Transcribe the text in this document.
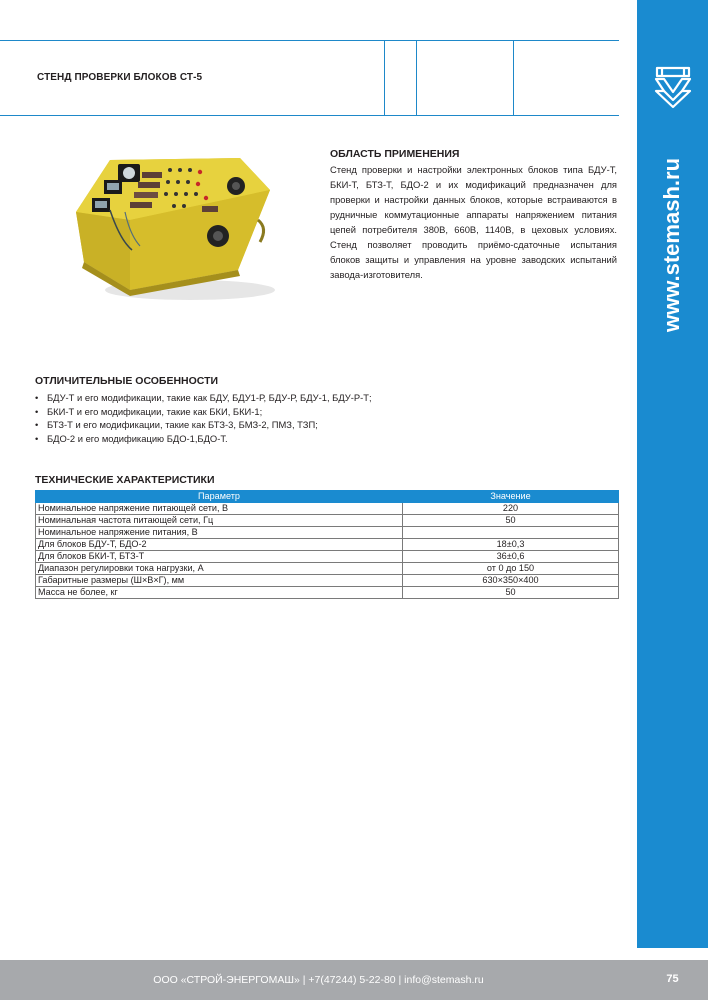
СТЕНД ПРОВЕРКИ БЛОКОВ СТ-5
www.stemash.ru
ОБЛАСТЬ ПРИМЕНЕНИЯ

Стенд проверки и настройки электронных блоков типа БДУ-Т, БКИ-Т, БТЗ-Т, БДО-2 и их модификаций предназначен для проверки и настройки данных блоков, которые встраиваются в рудничные коммутационные аппараты напряжением питания цепей потребителя 380В, 660В, 1140В, в цеховых условиях. Стенд позволяет проводить приёмо-сдаточные испытания блоков защиты и управления на уровне заводских испытаний завода-изготовителя.

ОТЛИЧИТЕЛЬНЫЕ ОСОБЕННОСТИ
• БДУ-Т и его модификации, такие как БДУ, БДУ1-Р, БДУ-Р, БДУ-1, БДУ-Р-Т;
• БКИ-Т и его модификации, такие как БКИ, БКИ-1;
• БТЗ-Т и его модификации, такие как БТЗ-3, БМЗ-2, ПМЗ, ТЗП;
• БДО-2 и его модификацию БДО-1,БДО-Т.
ТЕХНИЧЕСКИЕ ХАРАКТЕРИСТИКИ
Параметр	Значение
Номинальное напряжение питающей сети, В	220
Номинальная частота питающей сети, Гц	50
Номинальное напряжение питания, В	
Для блоков БДУ-Т, БДО-2	18±0,3
Для блоков БКИ-Т, БТЗ-Т	36±0,6
Диапазон регулировки тока нагрузки, А	от 0 до 150
Габаритные размеры (Ш×В×Г), мм	630×350×400
Масса не более, кг	50
ООО «СТРОЙ-ЭНЕРГОМАШ» | +7(47244) 5-22-80 | info@stemash.ru	75
